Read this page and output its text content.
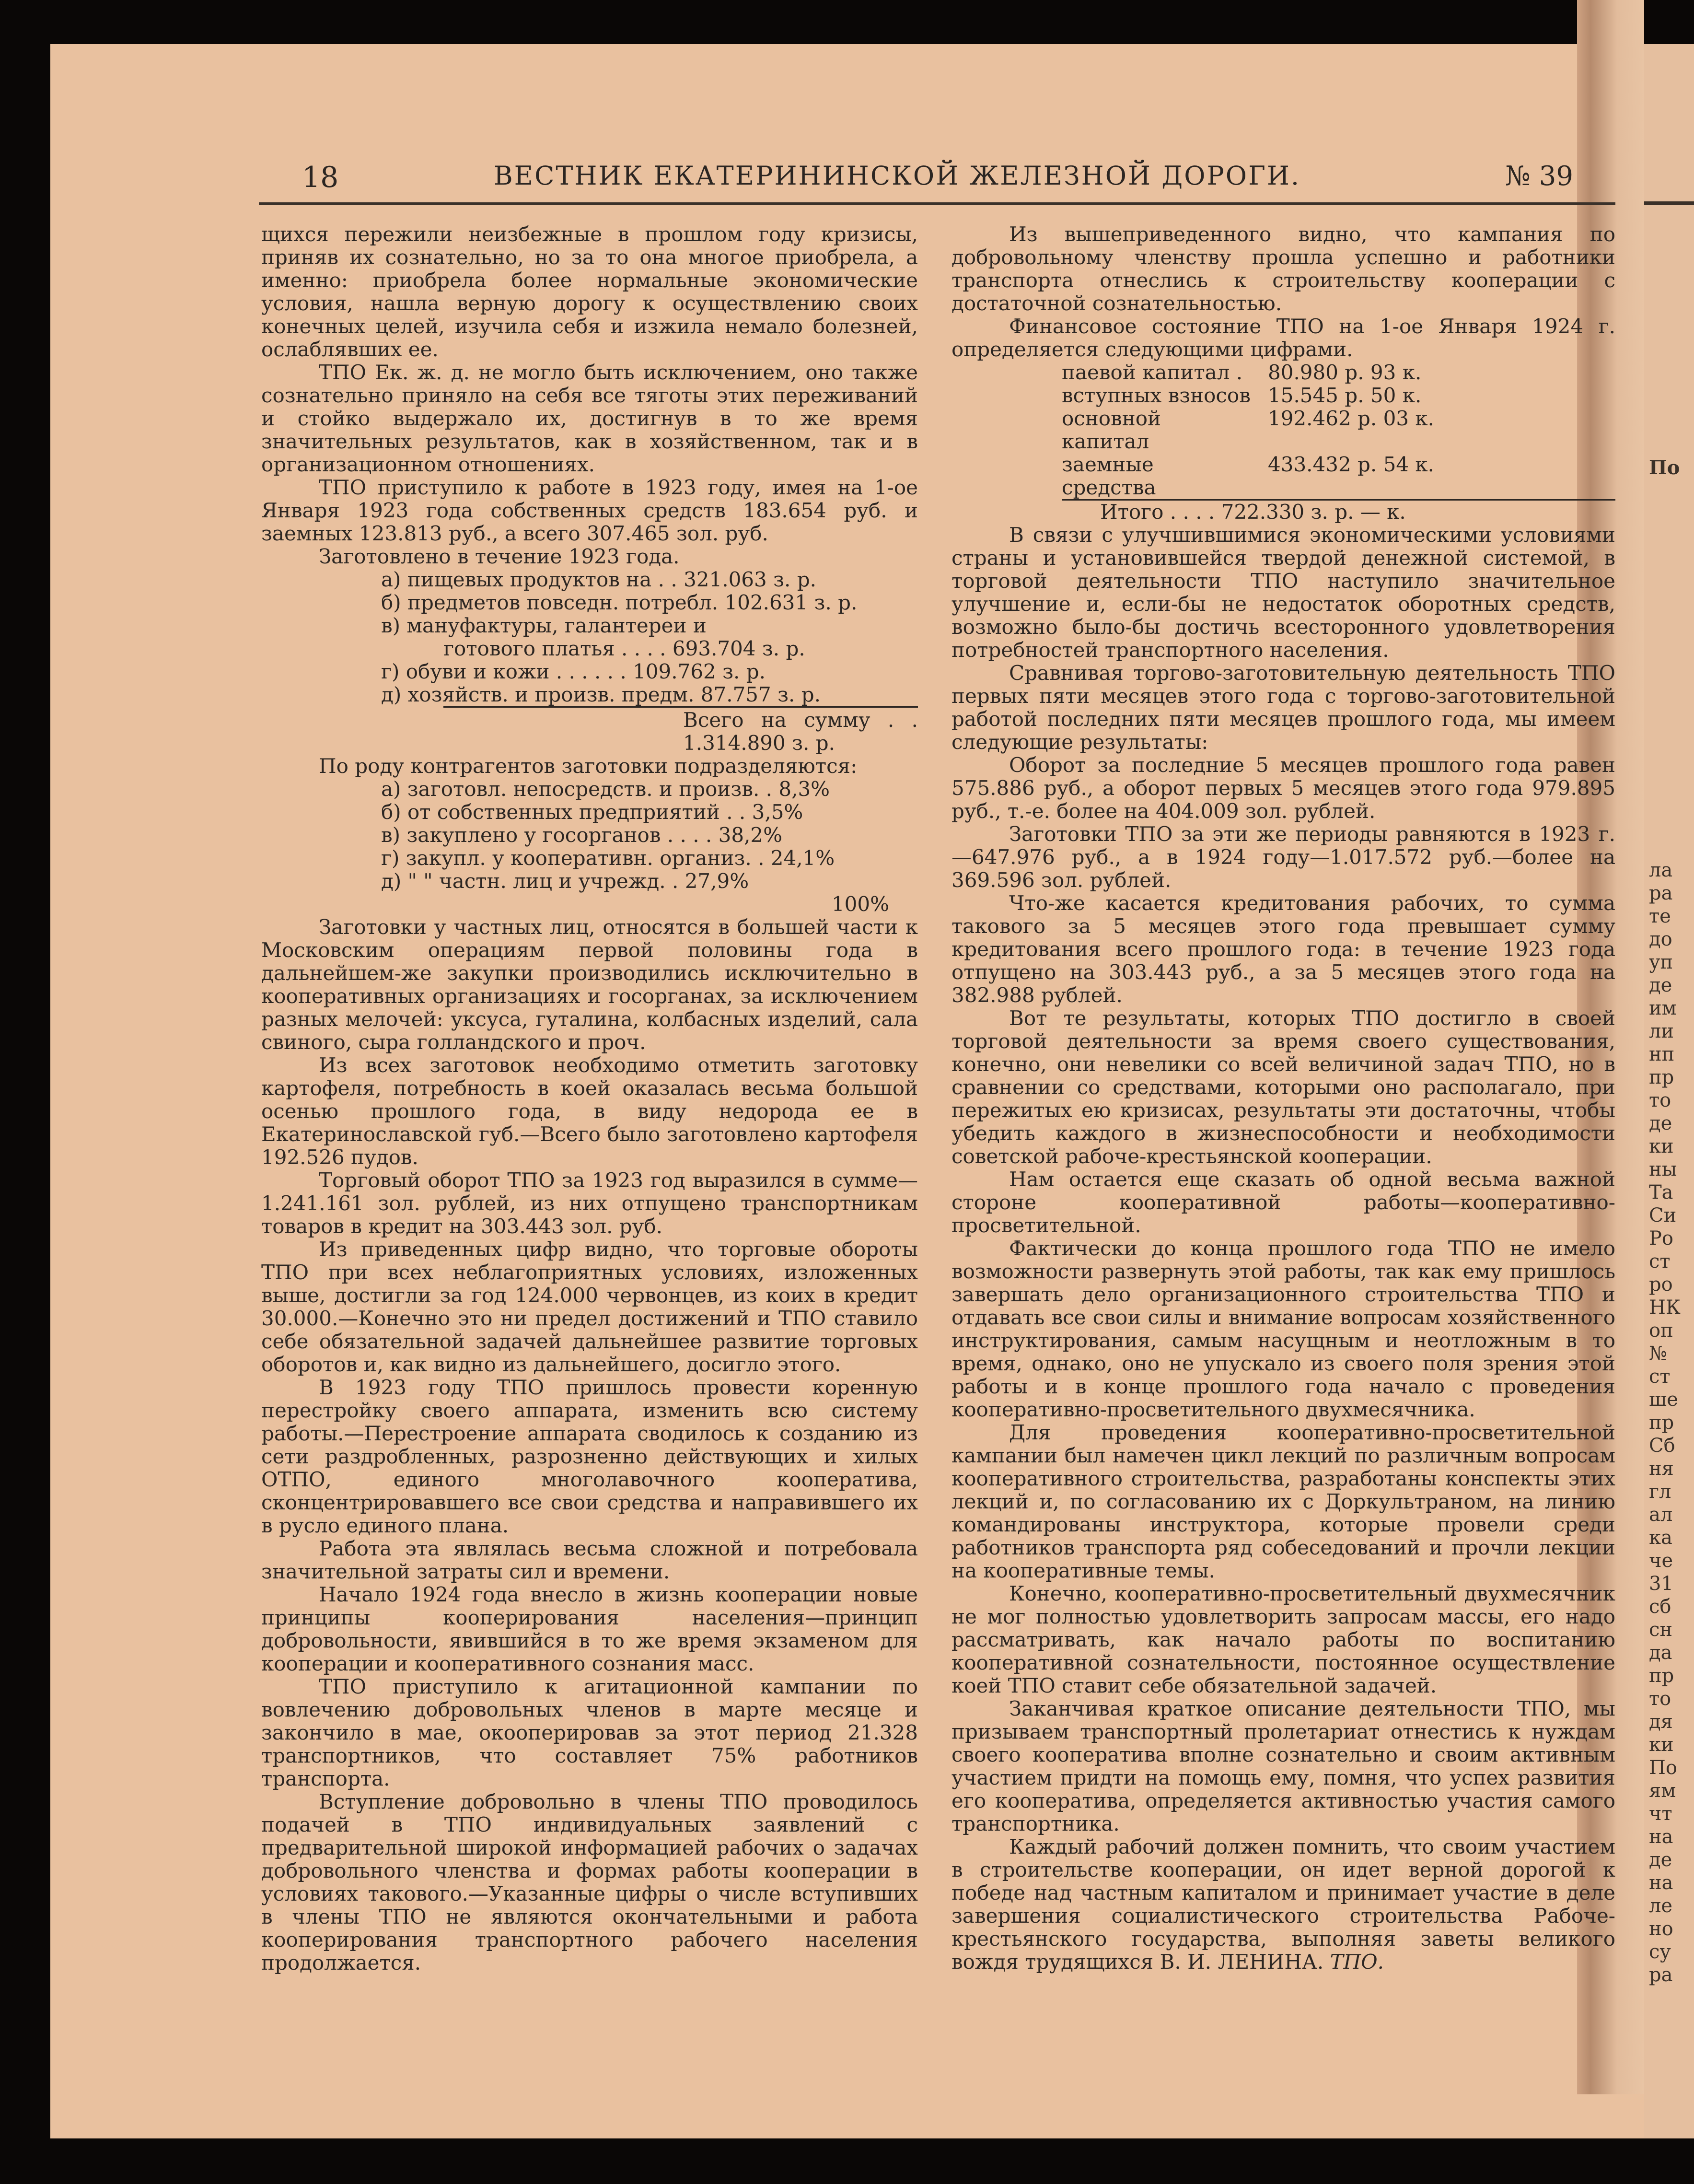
По
ла
ра
те
до
уп
де
им
ли
нп
пр
то
де
ки
ны
Та
Си
Ро
ст
ро
НК
оп
№
ст
ше
пр
Сб
ня
гл
ал
ка
че
31
сб
сн
да
пр
то
дя
ки
По
ям
чт
на
де
на
ле
но
су
ра
18	ВЕСТНИК ЕКАТЕРИНИНСКОЙ ЖЕЛЕЗНОЙ ДОРОГИ.	№ 39

щихся пережили неизбежные в прошлом году кризисы, приняв их сознательно, но за то она многое приобрела, а именно: приобрела более нормальные экономические условия, нашла верную дорогу к осуществлению своих конечных целей, изучила себя и изжила немало болезней, ослаблявших ее.

ТПО Ек. ж. д. не могло быть исключением, оно также сознательно приняло на себя все тяготы этих переживаний и стойко выдержало их, достигнув в то же время значительных результатов, как в хозяйственном, так и в организационном отношениях.

ТПО приступило к работе в 1923 году, имея на 1-ое Января 1923 года собственных средств 183.654 руб. и заемных 123.813 руб., а всего 307.465 зол. руб.

Заготовлено в течение 1923 года.

а) пищевых продуктов на . . 321.063 з. р.
б) предметов повседн. потребл. 102.631 з. р.
в) мануфактуры, галантереи и
готового платья . . . . 693.704 з. р.
г) обуви и кожи . . . . . . 109.762 з. р.
д) хозяйств. и произв. предм. 87.757 з. р.
Всего на сумму . . 1.314.890 з. р.

По роду контрагентов заготовки подразделяются:

а) заготовл. непосредств. и произв. . 8,3%
б) от собственных предприятий . . 3,5%
в) закуплено у госорганов . . . . 38,2%
г) закупл. у кооперативн. организ. . 24,1%
д) " " частн. лиц и учрежд. . 27,9%
100%

Заготовки у частных лиц, относятся в большей части к Московским операциям первой половины года в дальнейшем-же закупки производились исключительно в кооперативных организациях и госорганах, за исключением разных мелочей: уксуса, гуталина, колбасных изделий, сала свиного, сыра голландского и проч.

Из всех заготовок необходимо отметить заготовку картофеля, потребность в коей оказалась весьма большой осенью прошлого года, в виду недорода ее в Екатеринославской губ.—Всего было заготовлено картофеля 192.526 пудов.

Торговый оборот ТПО за 1923 год выразился в сумме—1.241.161 зол. рублей, из них отпущено транспортникам товаров в кредит на 303.443 зол. руб.

Из приведенных цифр видно, что торговые обороты ТПО при всех неблагоприятных условиях, изложенных выше, достигли за год 124.000 червонцев, из коих в кредит 30.000.—Конечно это ни предел достижений и ТПО ставило себе обязательной задачей дальнейшее развитие торговых оборотов и, как видно из дальнейшего, досигло этого.

В 1923 году ТПО пришлось провести коренную перестройку своего аппарата, изменить всю систему работы.—Перестроение аппарата сводилось к созданию из сети раздробленных, разрозненно действующих и хилых ОТПО, единого многолавочного кооператива, сконцентрировавшего все свои средства и направившего их в русло единого плана.

Работа эта являлась весьма сложной и потребовала значительной затраты сил и времени.

Начало 1924 года внесло в жизнь кооперации новые принципы кооперирования населения—принцип добровольности, явившийся в то же время экзаменом для кооперации и кооперативного сознания масс.

ТПО приступило к агитационной кампании по вовлечению добровольных членов в марте месяце и закончило в мае, окооперировав за этот период 21.328 транспортников, что составляет 75% работников транспорта.

Вступление добровольно в члены ТПО проводилось подачей в ТПО индивидуальных заявлений с предварительной широкой информацией рабочих о задачах добровольного членства и формах работы кооперации в условиях такового.—Указанные цифры о числе вступивших в члены ТПО не являются окончательными и работа кооперирования транспортного рабочего населения продолжается.

Из вышеприведенного видно, что кампания по добровольному членству прошла успешно и работники транспорта отнеслись к строительству кооперации с достаточной сознательностью.

Финансовое состояние ТПО на 1-ое Января 1924 г. определяется следующими цифрами.

паевой капитал .	80.980 р. 93 к.
вступных взносов 15.545 р. 50 к.
основной капитал
192.462 р. 03 к.
заемные средства
433.432 р. 54 к.
Итого . . . . 722.330 з. р. — к.

В связи с улучшившимися экономическими условиями страны и установившейся твердой денежной системой, в торговой деятельности ТПО наступило значительное улучшение и, если-бы не недостаток оборотных средств, возможно было-бы достичь всесторонного удовлетворения потребностей транспортного населения.

Сравнивая торгово-заготовительную деятельность ТПО первых пяти месяцев этого года с торгово-заготовительной работой последних пяти месяцев прошлого года, мы имеем следующие результаты:

Оборот за последние 5 месяцев прошлого года равен 575.886 руб., а оборот первых 5 месяцев этого года 979.895 руб., т.-е. более на 404.009 зол. рублей.

Заготовки ТПО за эти же периоды равняются в 1923 г.—647.976 руб., а в 1924 году—1.017.572 руб.—более на 369.596 зол. рублей.

Что-же касается кредитования рабочих, то сумма такового за 5 месяцев этого года превышает сумму кредитования всего прошлого года: в течение 1923 года отпущено на 303.443 руб., а за 5 месяцев этого года на 382.988 рублей.

Вот те результаты, которых ТПО достигло в своей торговой деятельности за время своего существования, конечно, они невелики со всей величиной задач ТПО, но в сравнении со средствами, которыми оно располагало, при пережитых ею кризисах, результаты эти достаточны, чтобы убедить каждого в жизнеспособности и необходимости советской рабоче-крестьянской кооперации.

Нам остается еще сказать об одной весьма важной стороне кооперативной работы—кооперативно-просветительной.

Фактически до конца прошлого года ТПО не имело возможности развернуть этой работы, так как ему пришлось завершать дело организационного строительства ТПО и отдавать все свои силы и внимание вопросам хозяйственного инструктирования, самым насущным и неотложным в то время, однако, оно не упускало из своего поля зрения этой работы и в конце прошлого года начало с проведения кооперативно-просветительного двухмесячника.

Для проведения кооперативно-просветительной кампании был намечен цикл лекций по различным вопросам кооперативного строительства, разработаны конспекты этих лекций и, по согласованию их с Доркультраном, на линию командированы инструктора, которые провели среди работников транспорта ряд собеседований и прочли лекции на кооперативные темы.

Конечно, кооперативно-просветительный двухмесячник не мог полностью удовлетворить запросам массы, его надо рассматривать, как начало работы по воспитанию кооперативной сознательности, постоянное осуществление коей ТПО ставит себе обязательной задачей.

Заканчивая краткое описание деятельности ТПО, мы призываем транспортный пролетариат отнестись к нуждам своего кооператива вполне сознательно и своим активным участием придти на помощь ему, помня, что успех развития его кооператива, определяется активностью участия самого транспортника.

Каждый рабочий должен помнить, что своим участием в строительстве кооперации, он идет верной дорогой к победе над частным капиталом и принимает участие в деле завершения социалистического строительства Рабоче-крестьянского государства, выполняя заветы великого вождя трудящихся В. И. ЛЕНИНА. ТПО.
